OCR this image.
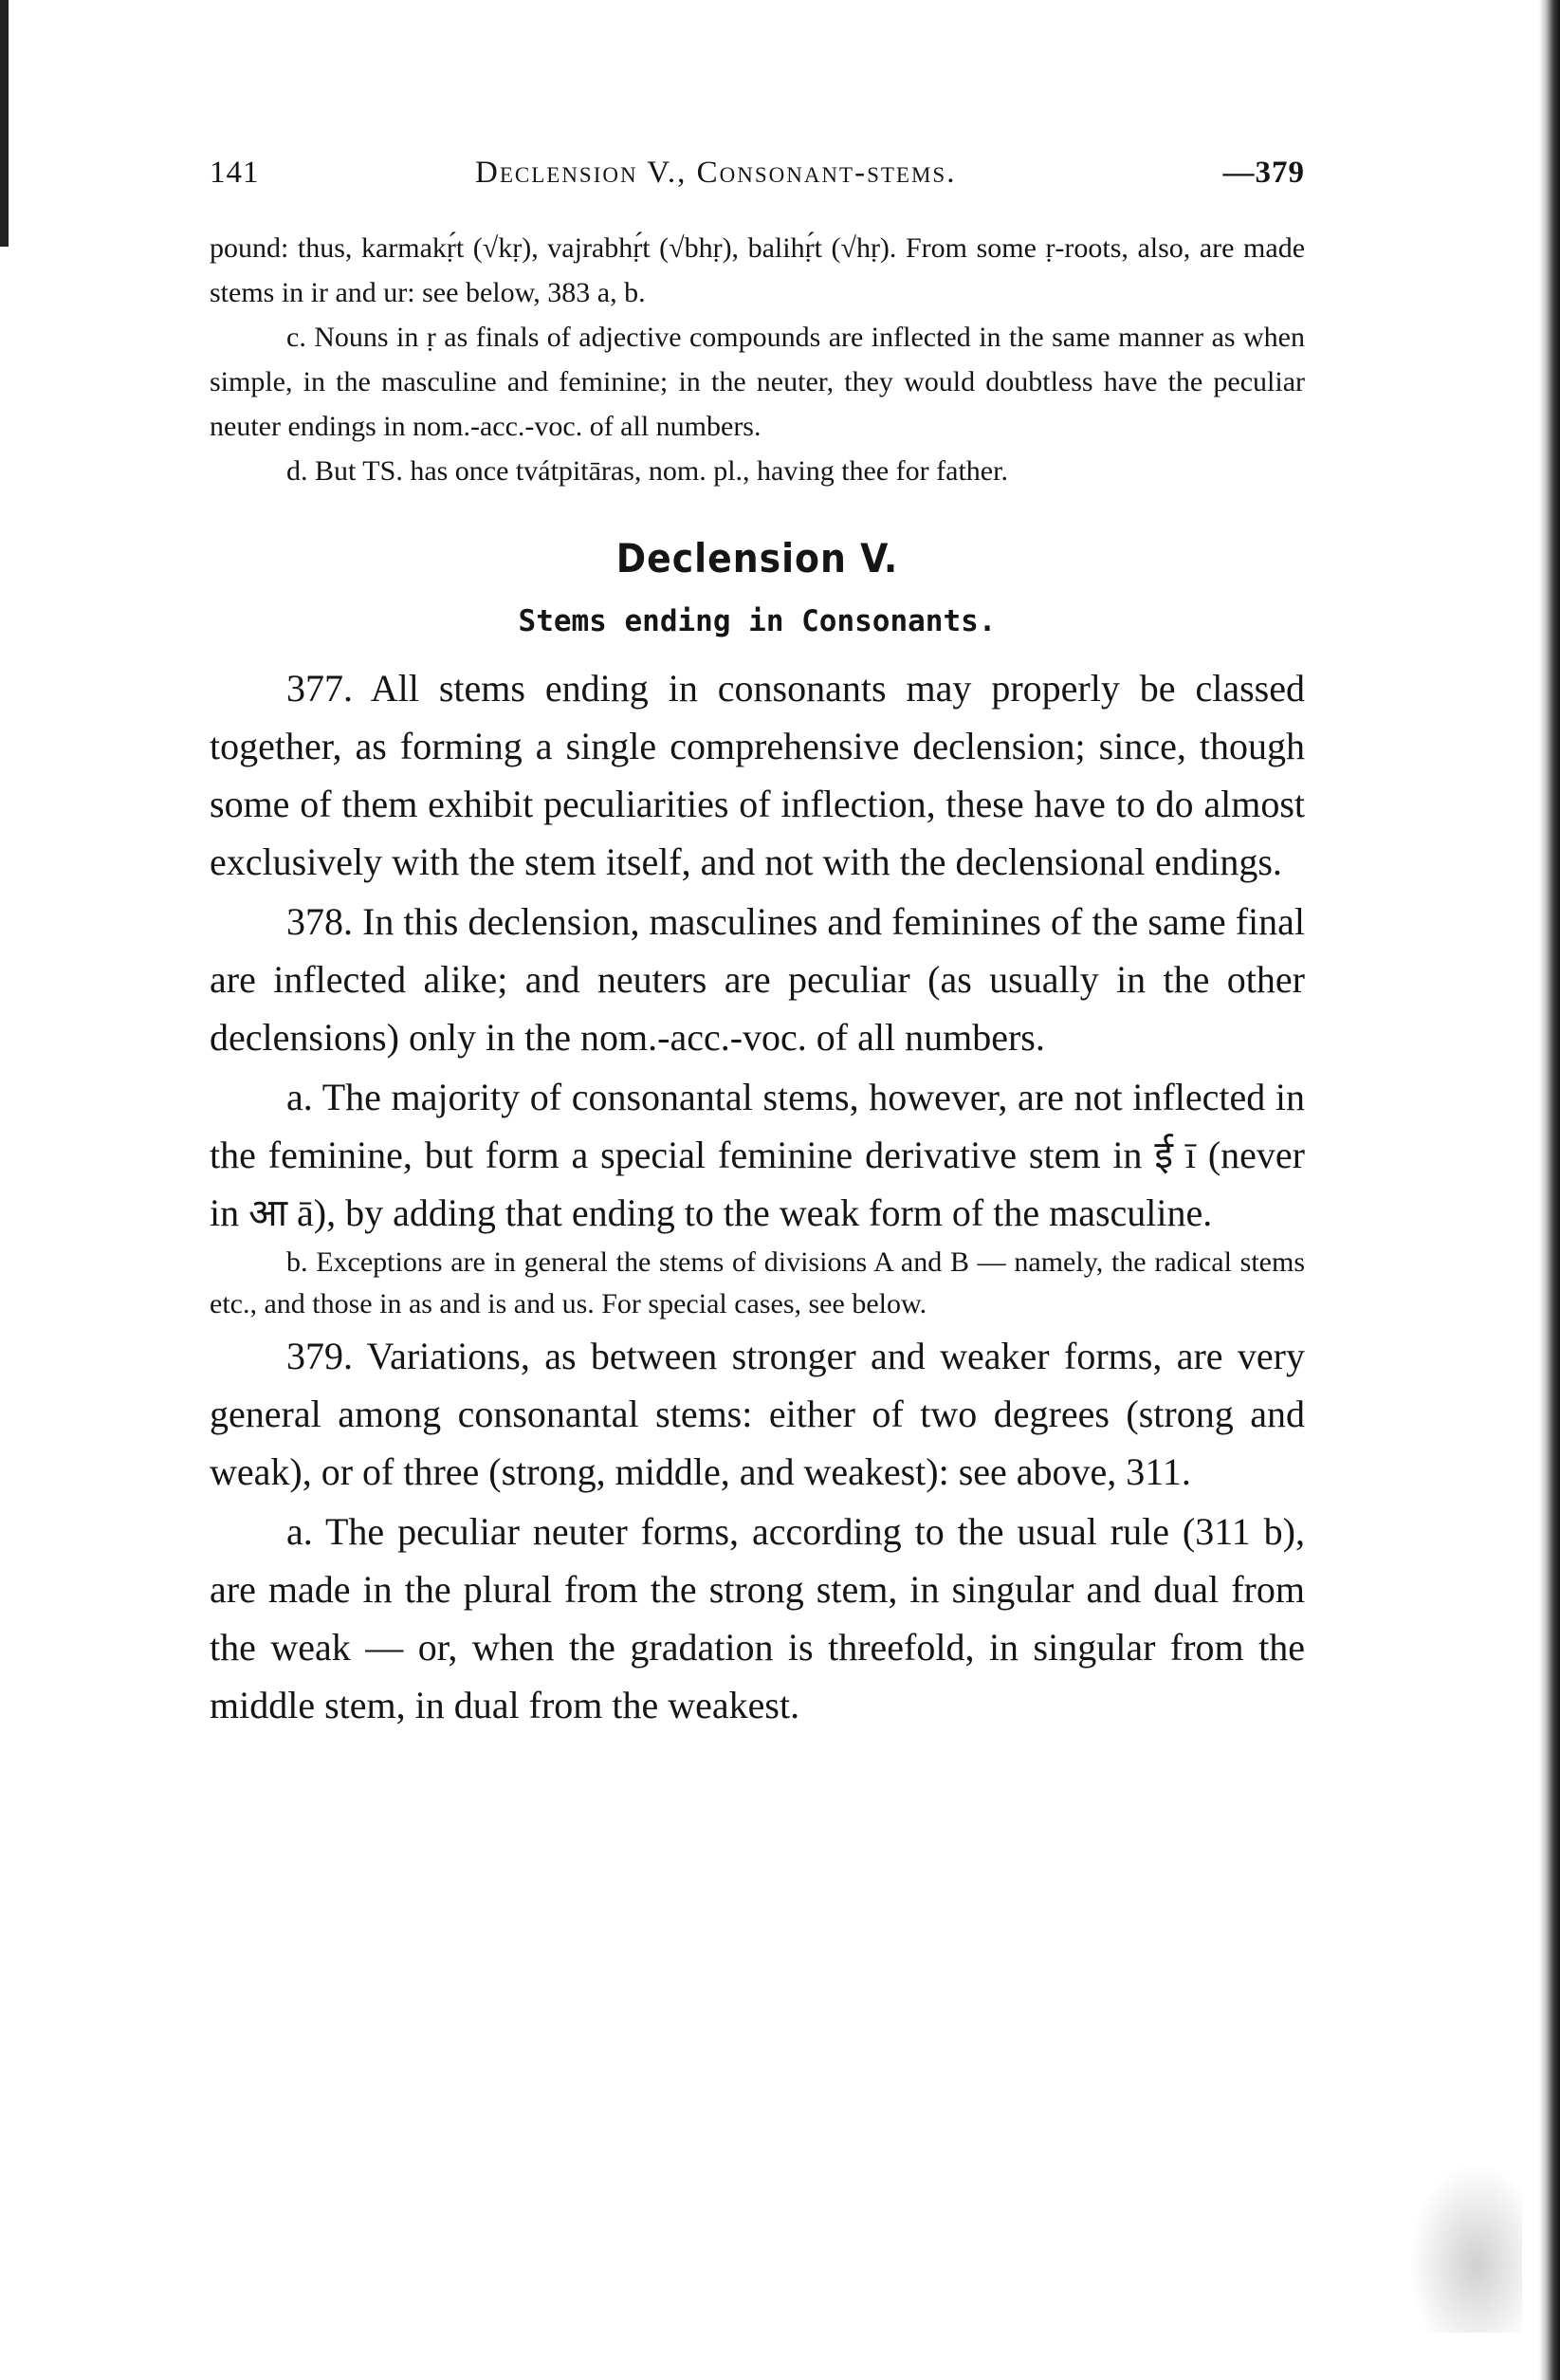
141	Declension V., Consonant-stems.	—379

pound: thus, karmakṛ́t (√kṛ), vajrabhṛ́t (√bhṛ), balihṛ́t (√hṛ). From some ṛ-roots, also, are made stems in ir and ur: see below, 383 a, b.

c. Nouns in ṛ as finals of adjective compounds are inflected in the same manner as when simple, in the masculine and feminine; in the neuter, they would doubtless have the peculiar neuter endings in nom.-acc.-voc. of all numbers.

d. But TS. has once tvátpitāras, nom. pl., having thee for father.

Declension V.
Stems ending in Consonants.

377. All stems ending in consonants may properly be classed together, as forming a single comprehensive declension; since, though some of them exhibit peculiarities of inflection, these have to do almost exclusively with the stem itself, and not with the declensional endings.

378. In this declension, masculines and feminines of the same final are inflected alike; and neuters are peculiar (as usually in the other declensions) only in the nom.-acc.-voc. of all numbers.

a. The majority of consonantal stems, however, are not inflected in the feminine, but form a special feminine derivative stem in ई ī (never in आ ā), by adding that ending to the weak form of the masculine.

b. Exceptions are in general the stems of divisions A and B — namely, the radical stems etc., and those in as and is and us. For special cases, see below.

379. Variations, as between stronger and weaker forms, are very general among consonantal stems: either of two degrees (strong and weak), or of three (strong, middle, and weakest): see above, 311.

a. The peculiar neuter forms, according to the usual rule (311 b), are made in the plural from the strong stem, in singular and dual from the weak — or, when the gradation is threefold, in singular from the middle stem, in dual from the weakest.
